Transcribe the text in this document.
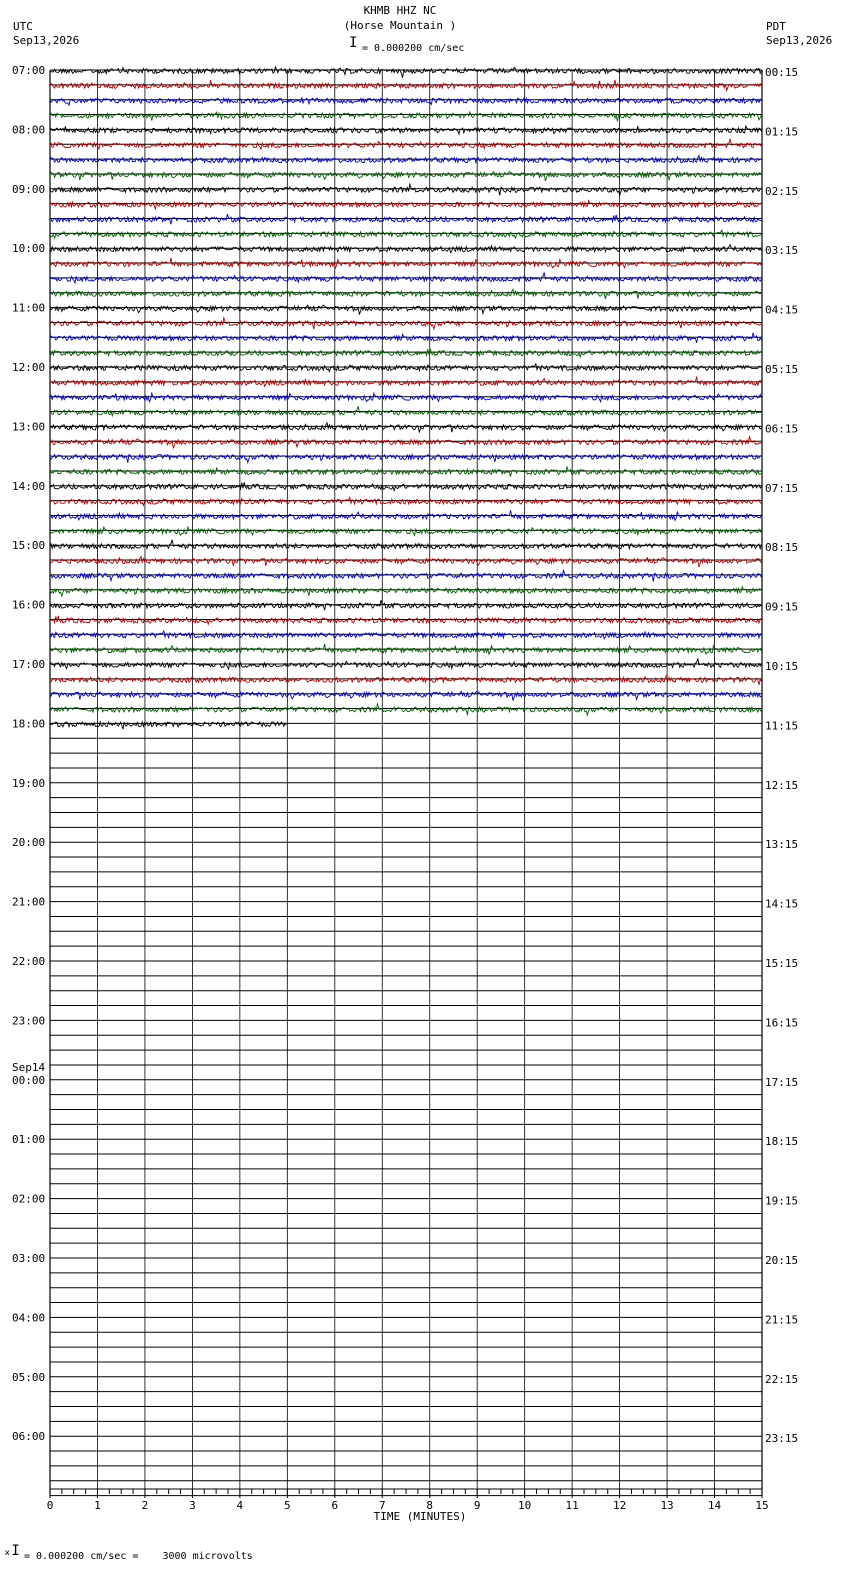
KHMB HHZ NC
(Horse Mountain )
I = 0.000200 cm/sec
UTC
Sep13,2026
PDT
Sep13,2026
07:00	00:15
08:00	01:15
09:00	02:15
10:00	03:15
11:00	04:15
12:00	05:15
13:00	06:15
14:00	07:15
15:00	08:15
16:00	09:15
17:00	10:15
18:00	11:15
19:00	12:15
20:00	13:15
21:00	14:15
22:00	15:15
23:00	16:15
00:00	17:15
Sep14
01:00	18:15
02:00	19:15
03:00	20:15
04:00	21:15
05:00	22:15
06:00	23:15
0	1	2	3	4	5	6	7	8	9	10	11	12	13	14	15
TIME (MINUTES)
ₓI = 0.000200 cm/sec =    3000 microvolts
